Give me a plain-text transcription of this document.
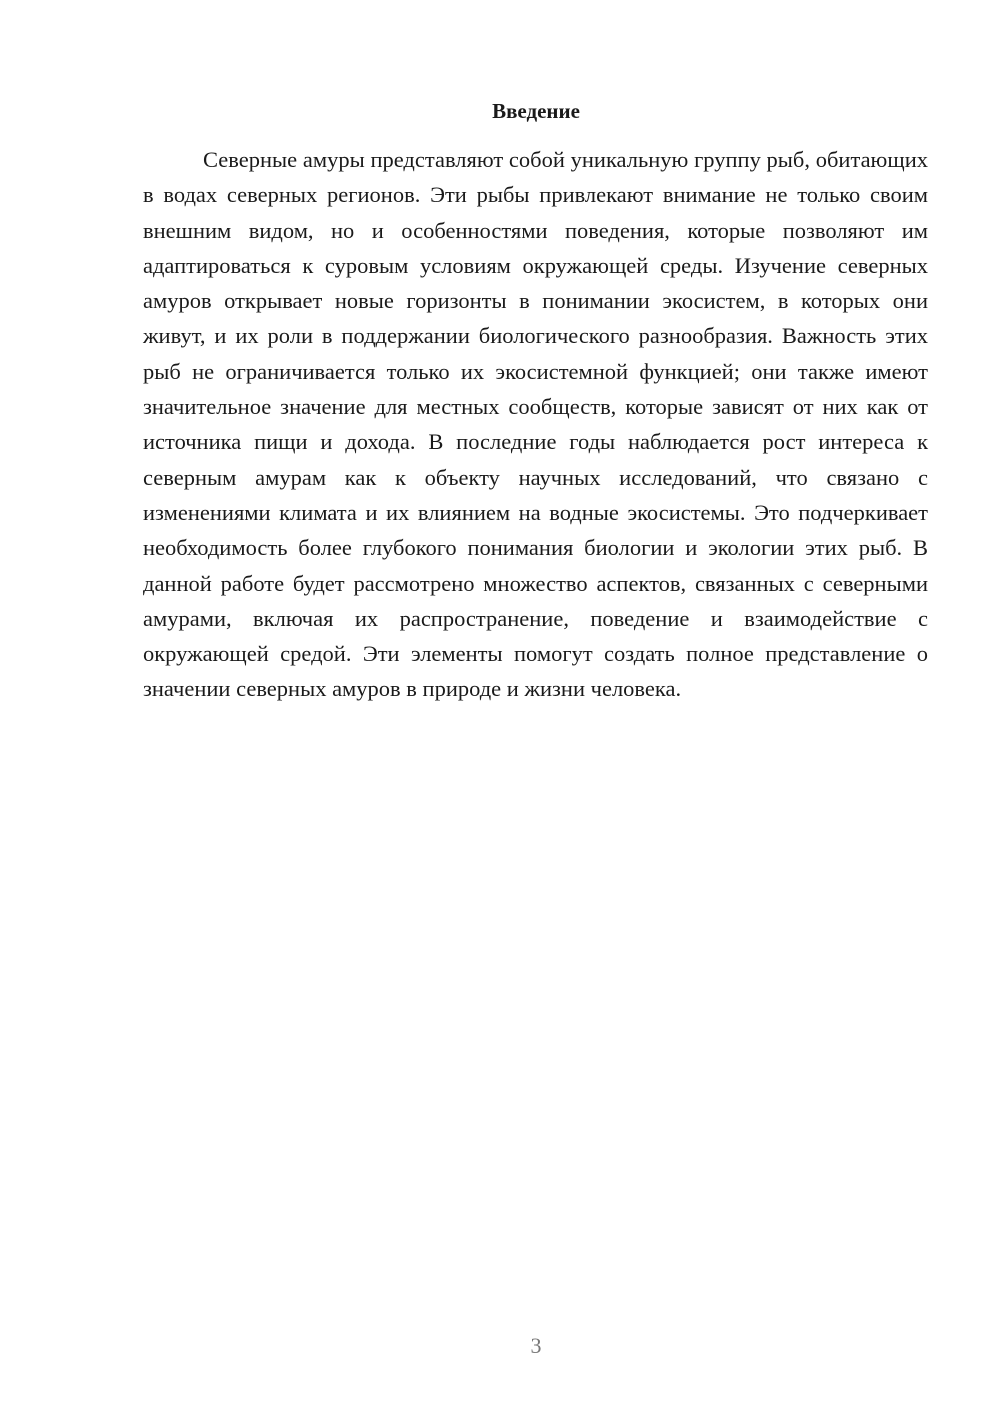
Введение

Северные амуры представляют собой уникальную группу рыб, обитающих в водах северных регионов. Эти рыбы привлекают внимание не только своим внешним видом, но и особенностями поведения, которые позволяют им адаптироваться к суровым условиям окружающей среды. Изучение северных амуров открывает новые горизонты в понимании экосистем, в которых они живут, и их роли в поддержании биологического разнообразия. Важность этих рыб не ограничивается только их экосистемной функцией; они также имеют значительное значение для местных сообществ, которые зависят от них как от источника пищи и дохода. В последние годы наблюдается рост интереса к северным амурам как к объекту научных исследований, что связано с изменениями климата и их влиянием на водные экосистемы. Это подчеркивает необходимость более глубокого понимания биологии и экологии этих рыб. В данной работе будет рассмотрено множество аспектов, связанных с северными амурами, включая их распространение, поведение и взаимодействие с окружающей средой. Эти элементы помогут создать полное представление о значении северных амуров в природе и жизни человека.

3
